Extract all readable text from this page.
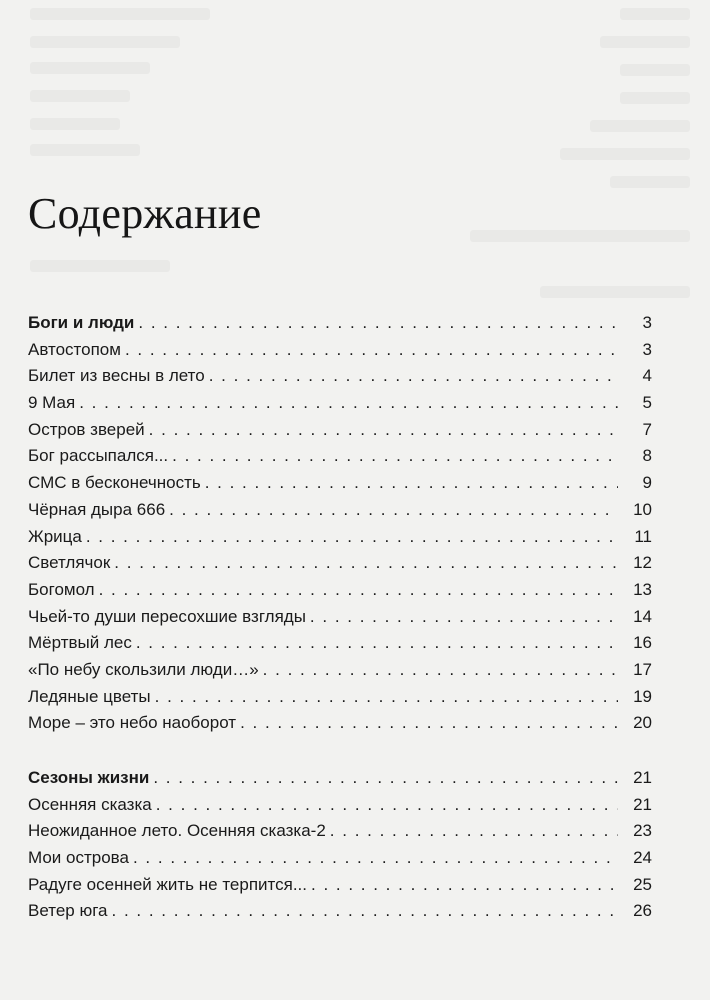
Содержание
Боги и люди . . .	3
Автостопом . . .	3
Билет из весны в лето . . .	4
9 Мая . . .	5
Остров зверей . . .	7
Бог рассыпался... . . .	8
СМС в бесконечность . . .	9
Чёрная дыра 666 . . .	10
Жрица . . .	11
Светлячок . . .	12
Богомол . . .	13
Чьей-то души пересохшие взгляды . . .	14
Мёртвый лес . . .	16
«По небу скользили люди…» . . .	17
Ледяные цветы . . .	19
Море – это небо наоборот . . .	20
Сезоны жизни . . .	21
Осенняя сказка . . .	21
Неожиданное лето. Осенняя сказка-2 . . .	23
Мои острова . . .	24
Радуге осенней жить не терпится... . . .	25
Ветер юга . . .	26
